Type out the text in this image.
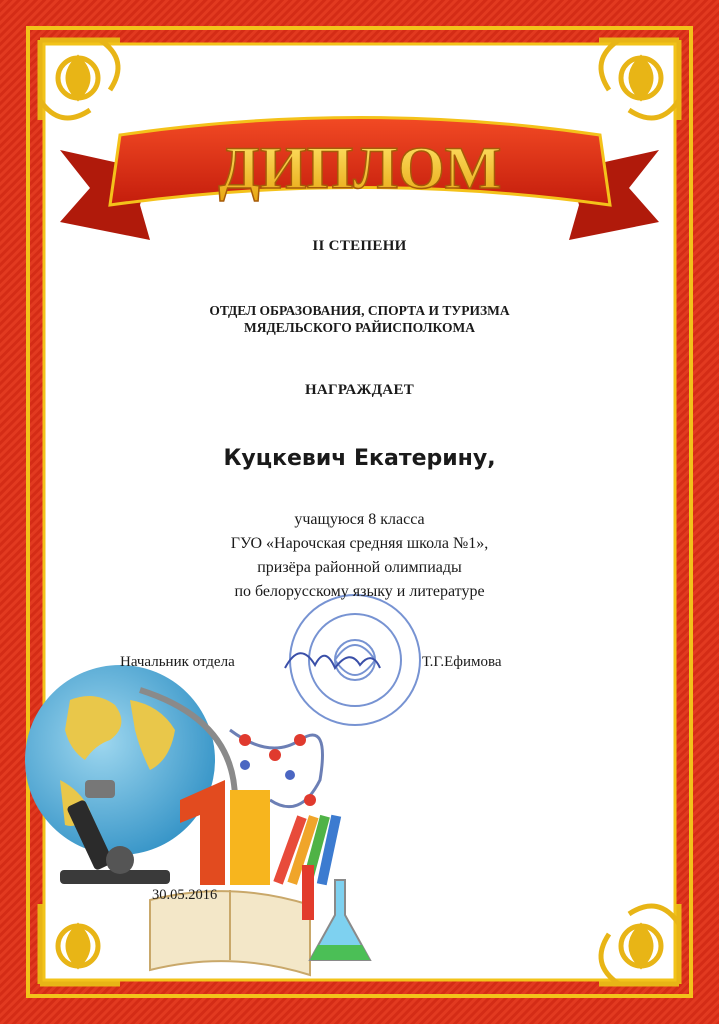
ДИПЛОМ
II СТЕПЕНИ
ОТДЕЛ ОБРАЗОВАНИЯ, СПОРТА И ТУРИЗМА
МЯДЕЛЬСКОГО РАЙИСПОЛКОМА
НАГРАЖДАЕТ
Куцкевич Екатерину,
учащуюся 8 класса
ГУО «Нарочская средняя школа №1»,
призёра районной олимпиады
по белорусскому языку и литературе
Начальник отдела	Т.Г.Ефимова
30.05.2016
